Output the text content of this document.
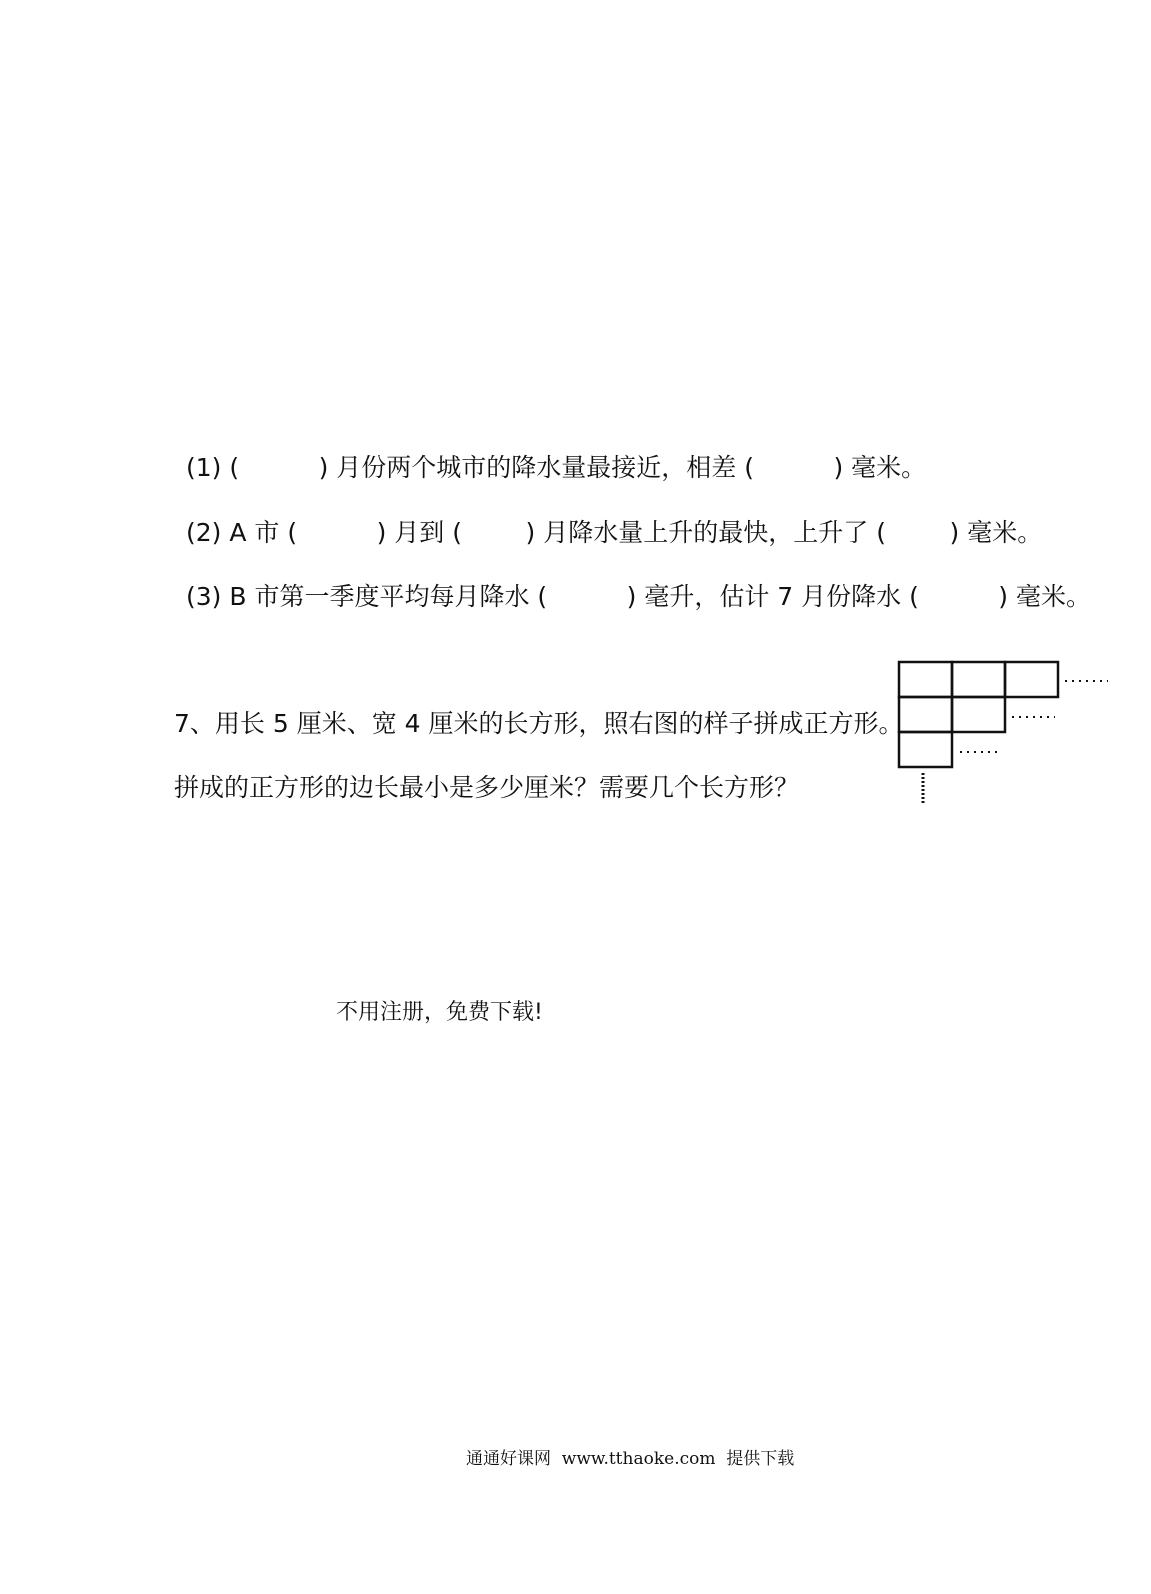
(1) (          ) 月份两个城市的降水量最接近，相差 (          ) 毫米。
(2) A 市 (          ) 月到 (        ) 月降水量上升的最快，上升了 (        ) 毫米。
(3) B 市第一季度平均每月降水 (          ) 毫升，估计 7 月份降水 (          ) 毫米。
7、用长 5 厘米、宽 4 厘米的长方形，照右图的样子拼成正方形。
拼成的正方形的边长最小是多少厘米？需要几个长方形？
不用注册，免费下载!
通通好课网  www.tthaoke.com  提供下载
